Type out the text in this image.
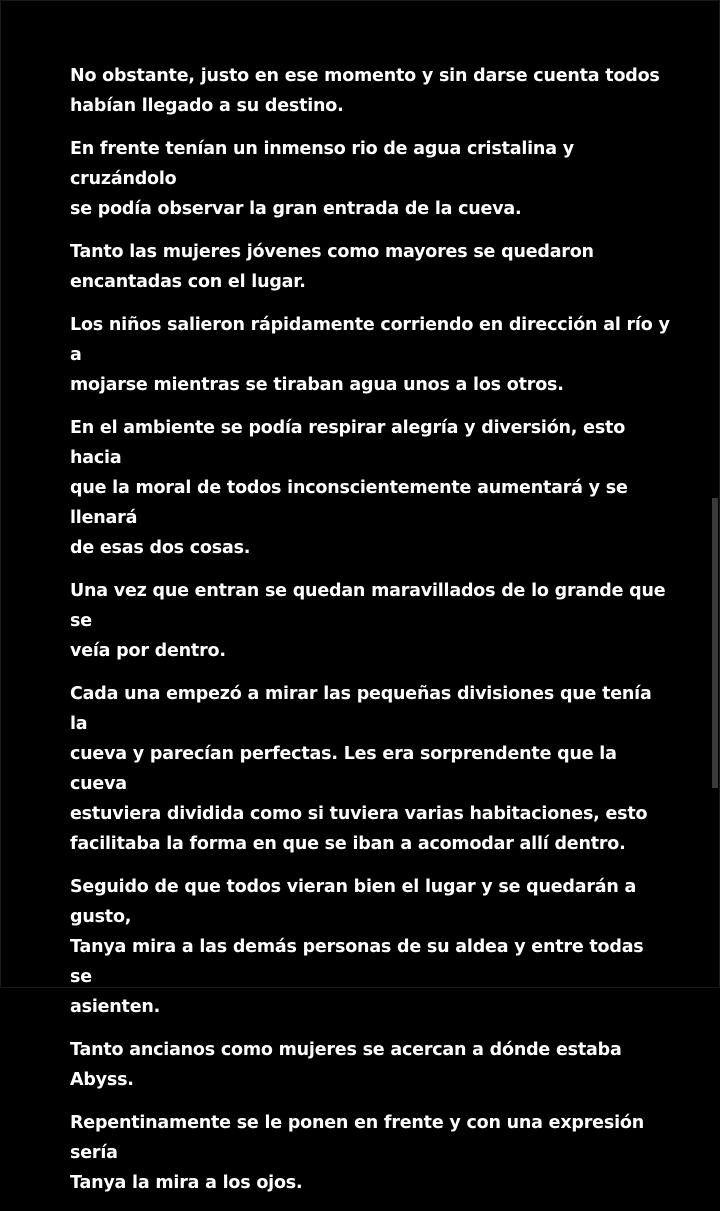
No obstante, justo en ese momento y sin darse cuenta todos
habían llegado a su destino.

En frente tenían un inmenso rio de agua cristalina y cruzándolo
se podía observar la gran entrada de la cueva.

Tanto las mujeres jóvenes como mayores se quedaron
encantadas con el lugar.

Los niños salieron rápidamente corriendo en dirección al río y a
mojarse mientras se tiraban agua unos a los otros.

En el ambiente se podía respirar alegría y diversión, esto hacia
que la moral de todos inconscientemente aumentará y se llenará
de esas dos cosas.

Una vez que entran se quedan maravillados de lo grande que se
veía por dentro.

Cada una empezó a mirar las pequeñas divisiones que tenía la
cueva y parecían perfectas. Les era sorprendente que la cueva
estuviera dividida como si tuviera varias habitaciones, esto
facilitaba la forma en que se iban a acomodar allí dentro.

Seguido de que todos vieran bien el lugar y se quedarán a gusto,
Tanya mira a las demás personas de su aldea y entre todas se
asienten.

Tanto ancianos como mujeres se acercan a dónde estaba Abyss.

Repentinamente se le ponen en frente y con una expresión sería
Tanya la mira a los ojos.
